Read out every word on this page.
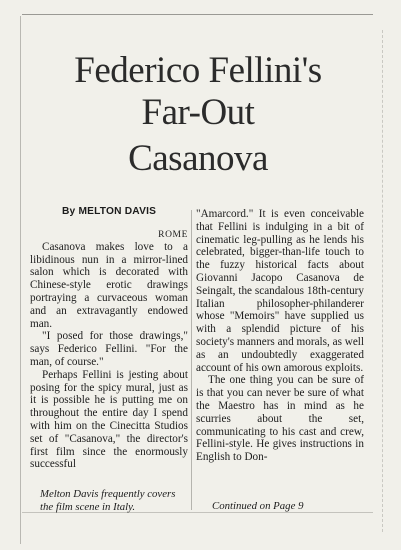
Federico Fellini's
Far-Out
Casanova
By MELTON DAVIS
ROME

Casanova makes love to a libidinous nun in a mirror-lined salon which is decorated with Chinese-style erotic drawings portraying a curvaceous woman and an extravagantly endowed man.

"I posed for those drawings," says Federico Fellini. "For the man, of course."

Perhaps Fellini is jesting about posing for the spicy mural, just as it is possible he is putting me on throughout the entire day I spend with him on the Cinecitta Studios set of "Casanova," the director's first film since the enormously successful

"Amarcord." It is even conceivable that Fellini is indulging in a bit of cinematic leg-pulling as he lends his celebrated, bigger-than-life touch to the fuzzy historical facts about Giovanni Jacopo Casanova de Seingalt, the scandalous 18th-century Italian philosopher-philanderer whose "Memoirs" have supplied us with a splendid picture of his society's manners and morals, as well as an undoubtedly exaggerated account of his own amorous exploits.

The one thing you can be sure of is that you can never be sure of what the Maestro has in mind as he scurries about the set, communicating to his cast and crew, Fellini-style. He gives instructions in English to Don-

Melton Davis frequently covers the film scene in Italy.	Continued on Page 9
